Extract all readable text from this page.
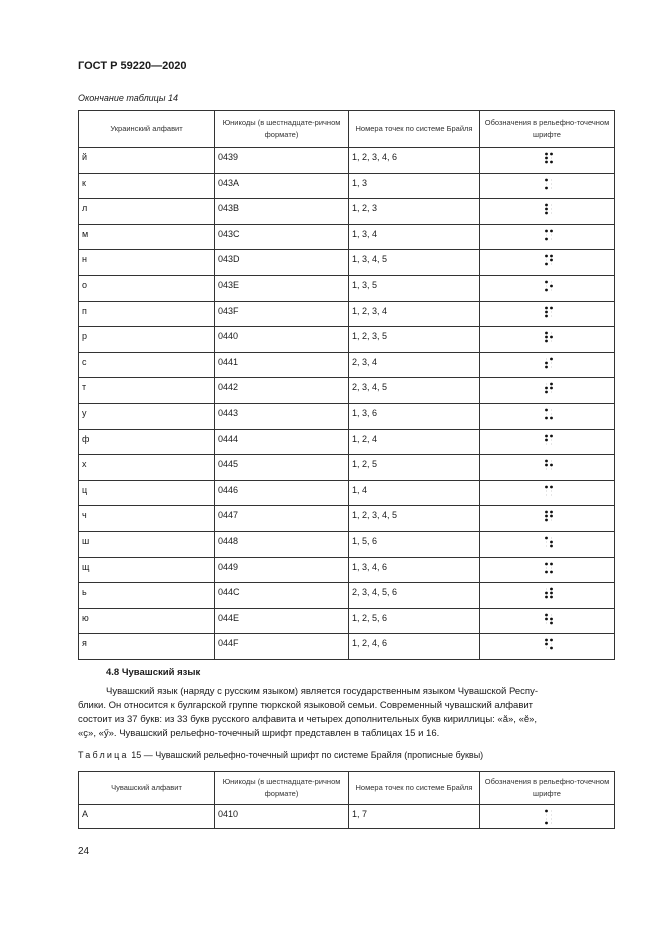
ГОСТ Р 59220—2020
Окончание таблицы 14
Украинский алфавит	Юникоды (в шестнадцате-ричном формате)	Номера точек по системе Брайля	Обозначения в рельефно-точечном шрифте
й	0439	1, 2, 3, 4, 6	
к	043A	1, 3	
л	043B	1, 2, 3	
м	043C	1, 3, 4	
н	043D	1, 3, 4, 5	
о	043E	1, 3, 5	
п	043F	1, 2, 3, 4	
р	0440	1, 2, 3, 5	
с	0441	2, 3, 4	
т	0442	2, 3, 4, 5	
у	0443	1, 3, 6	
ф	0444	1, 2, 4	
х	0445	1, 2, 5	
ц	0446	1, 4	
ч	0447	1, 2, 3, 4, 5	
ш	0448	1, 5, 6	
щ	0449	1, 3, 4, 6	
ь	044C	2, 3, 4, 5, 6	
ю	044E	1, 2, 5, 6	
я	044F	1, 2, 4, 6	
4.8 Чувашский язык
Чувашский язык (наряду с русским языком) является государственным языком Чувашской Респу-
блики. Он относится к булгарской группе тюркской языковой семьи. Современный чувашский алфавит
состоит из 37 букв: из 33 букв русского алфавита и четырех дополнительных букв кириллицы: «ӑ», «ӗ»,
«ҫ», «ӳ». Чувашский рельефно-точечный шрифт представлен в таблицах 15 и 16.
Таблица 15 — Чувашский рельефно-точечный шрифт по системе Брайля (прописные буквы)
Чувашский алфавит	Юникоды (в шестнадцате-ричном формате)	Номера точек по системе Брайля	Обозначения в рельефно-точечном шрифте
А	0410	1, 7	
24
